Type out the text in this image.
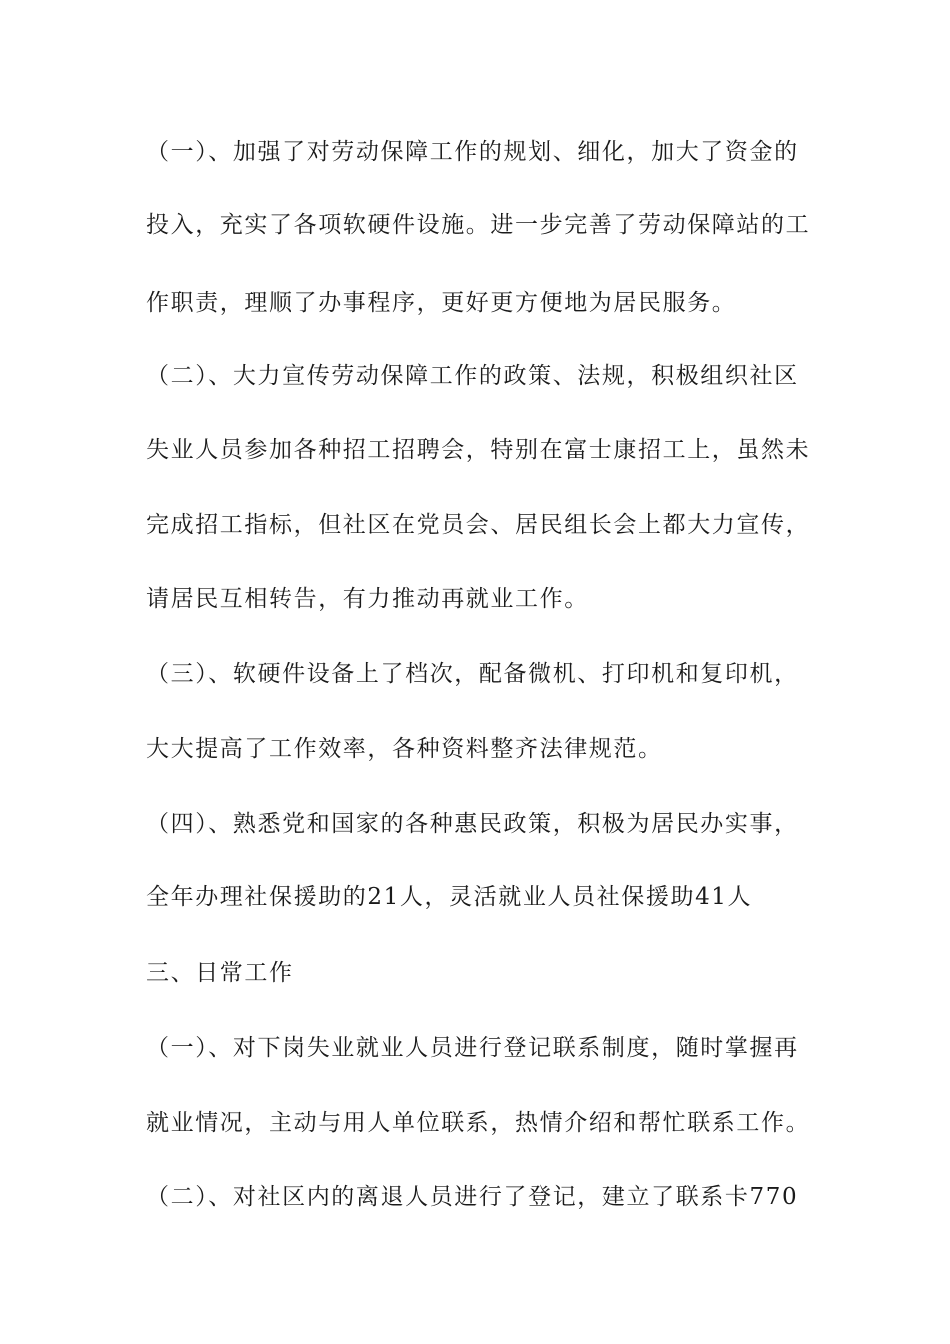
（一）、加强了对劳动保障工作的规划、细化，加大了资金的
投入，充实了各项软硬件设施。进一步完善了劳动保障站的工
作职责，理顺了办事程序，更好更方便地为居民服务。
（二）、大力宣传劳动保障工作的政策、法规，积极组织社区
失业人员参加各种招工招聘会，特别在富士康招工上，虽然未
完成招工指标，但社区在党员会、居民组长会上都大力宣传，
请居民互相转告，有力推动再就业工作。
（三）、软硬件设备上了档次，配备微机、打印机和复印机，
大大提高了工作效率，各种资料整齐法律规范。
（四）、熟悉党和国家的各种惠民政策，积极为居民办实事，
全年办理社保援助的21人，灵活就业人员社保援助41人
三、日常工作
（一）、对下岗失业就业人员进行登记联系制度，随时掌握再
就业情况，主动与用人单位联系，热情介绍和帮忙联系工作。
（二）、对社区内的离退人员进行了登记，建立了联系卡770
